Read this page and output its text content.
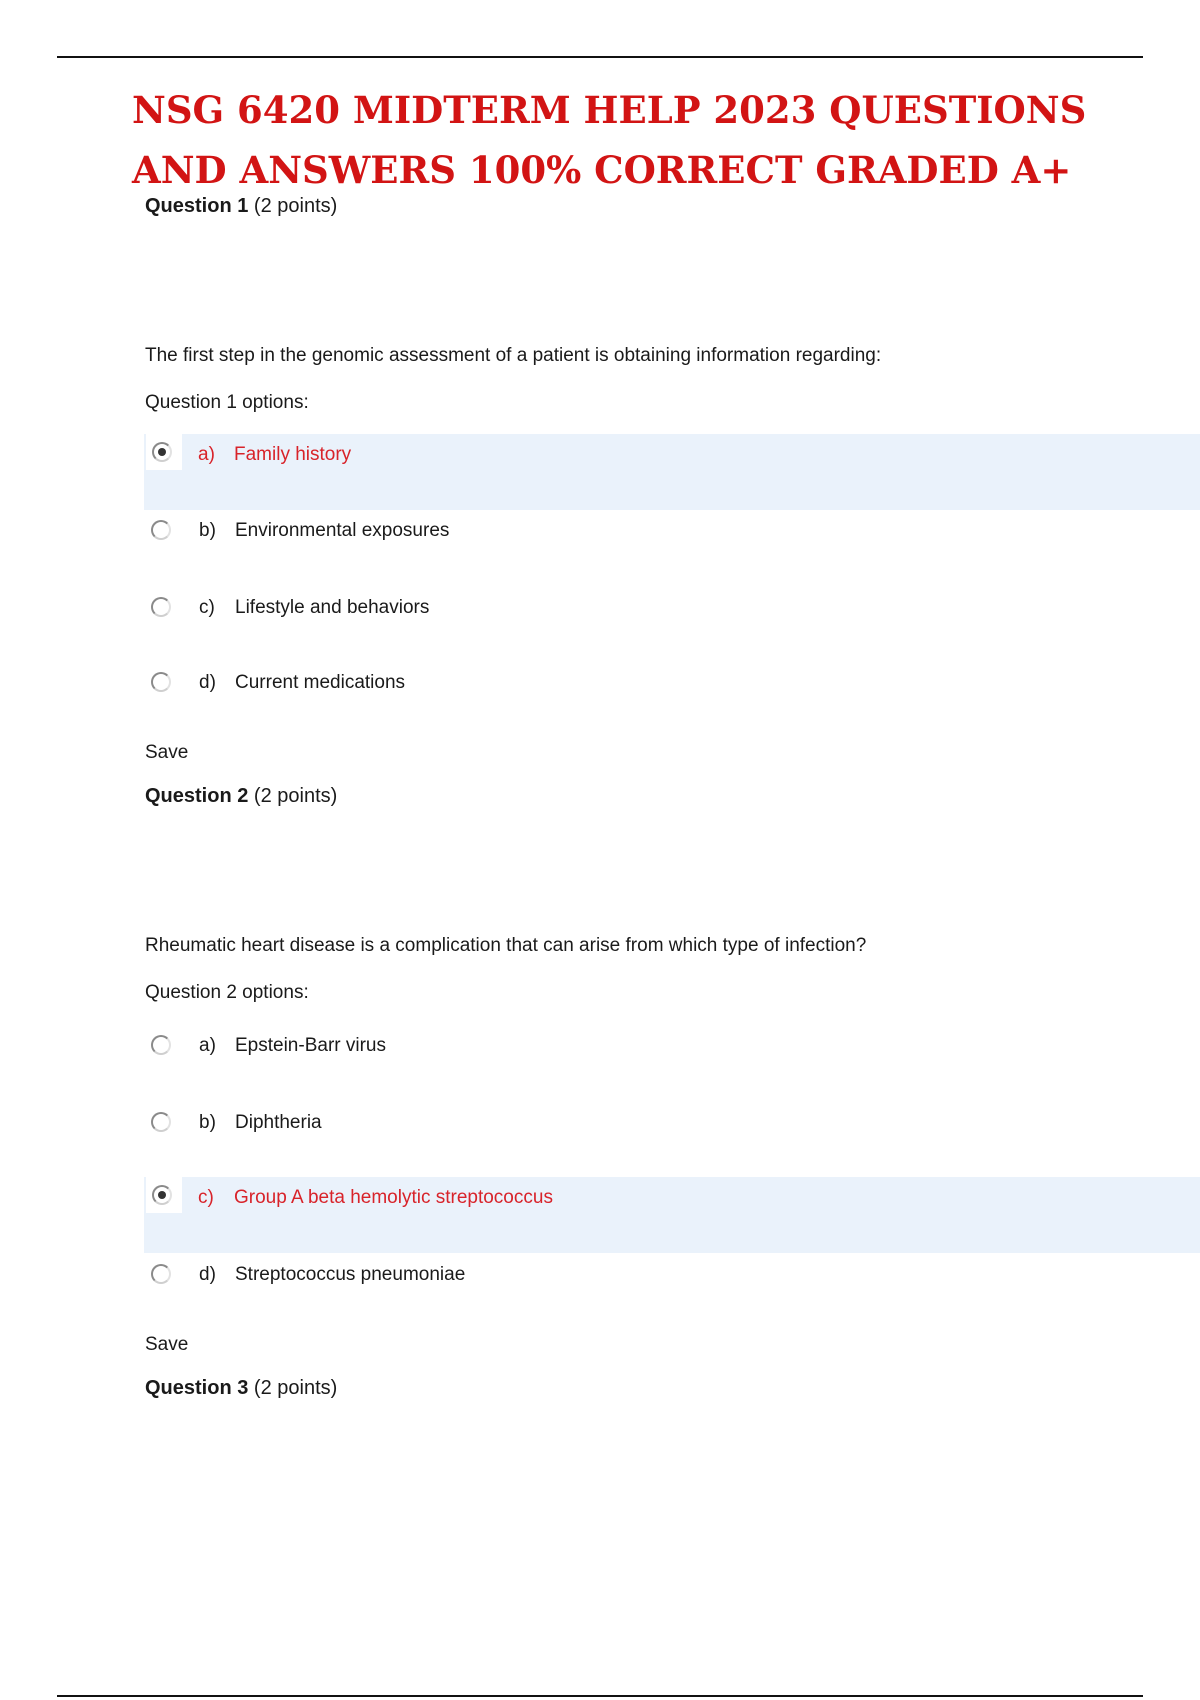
NSG 6420 MIDTERM HELP 2023 QUESTIONS AND ANSWERS 100% CORRECT GRADED A+
Question 1 (2 points)
The first step in the genomic assessment of a patient is obtaining information regarding:
Question 1 options:
a) Family history
b) Environmental exposures
c) Lifestyle and behaviors
d) Current medications
Save
Question 2 (2 points)
Rheumatic heart disease is a complication that can arise from which type of infection?
Question 2 options:
a) Epstein-Barr virus
b) Diphtheria
c) Group A beta hemolytic streptococcus
d) Streptococcus pneumoniae
Save
Question 3 (2 points)
